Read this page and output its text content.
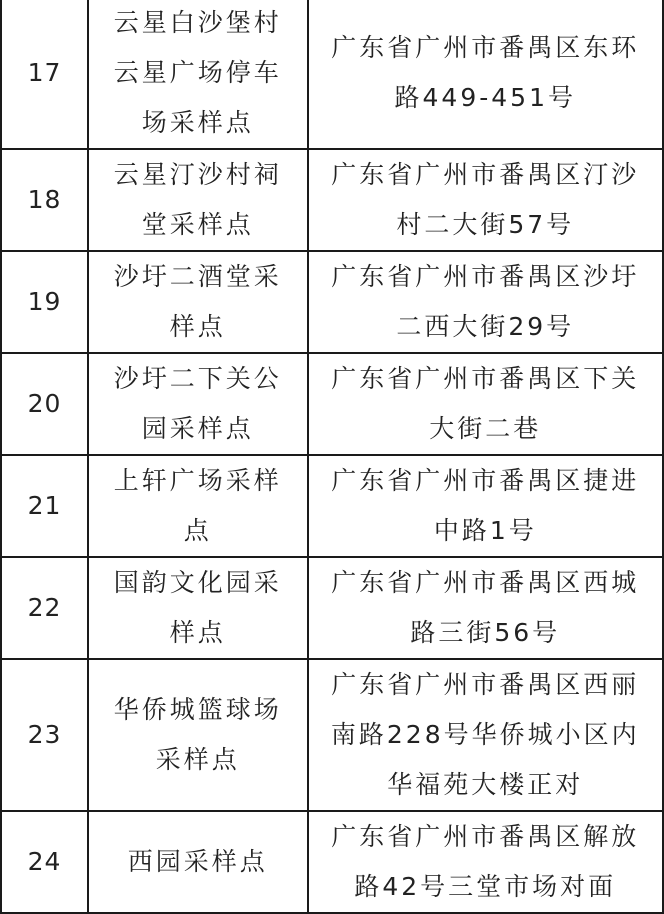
17	云星白沙堡村云星广场停车场采样点	广东省广州市番禺区东环路449-451号

18	云星汀沙村祠堂采样点	广东省广州市番禺区汀沙村二大街57号

19	沙圩二酒堂采样点	广东省广州市番禺区沙圩二西大街29号

20	沙圩二下关公园采样点	广东省广州市番禺区下关大街二巷

21	上轩广场采样点	广东省广州市番禺区捷进中路1号

22	国韵文化园采样点	广东省广州市番禺区西城路三街56号

23	华侨城篮球场采样点	广东省广州市番禺区西丽南路228号华侨城小区内华福苑大楼正对

24	西园采样点	广东省广州市番禺区解放路42号三堂市场对面
